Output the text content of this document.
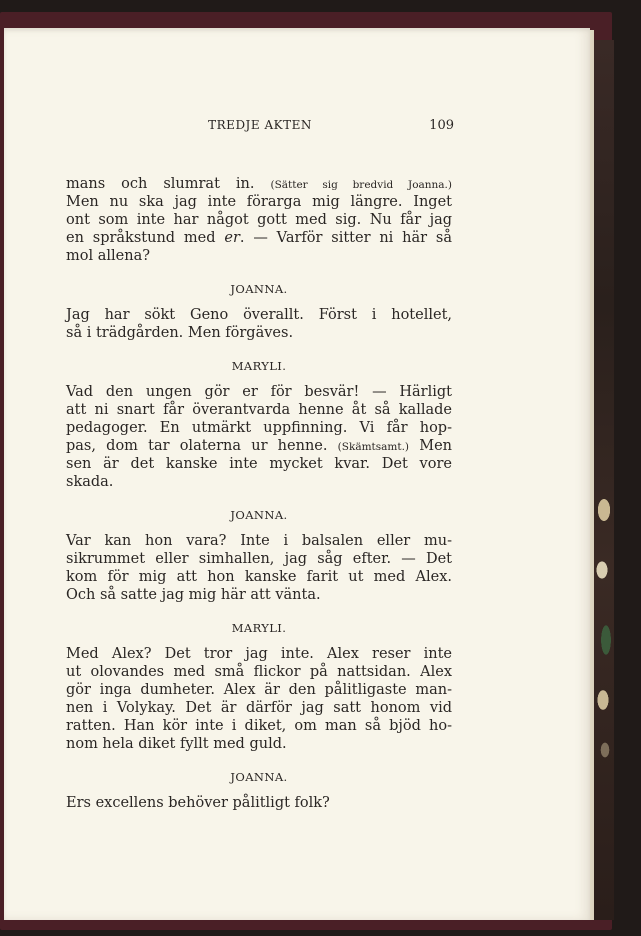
TREDJE AKTEN	109
mans och slumrat in. (Sätter sig bredvid Joanna.)
Men nu ska jag inte förarga mig längre. Inget
ont som inte har något gott med sig. Nu får jag
en språkstund med er. — Varför sitter ni här så
mol allena?
JOANNA.
Jag har sökt Geno överallt. Först i hotellet,
så i trädgården. Men förgäves.
MARYLI.
Vad den ungen gör er för besvär! — Härligt
att ni snart får överantvarda henne åt så kallade
pedagoger. En utmärkt uppfinning. Vi får hop-
pas, dom tar olaterna ur henne. (Skämtsamt.) Men
sen är det kanske inte mycket kvar. Det vore
skada.
JOANNA.
Var kan hon vara? Inte i balsalen eller mu-
sikrummet eller simhallen, jag såg efter. — Det
kom för mig att hon kanske farit ut med Alex.
Och så satte jag mig här att vänta.
MARYLI.
Med Alex? Det tror jag inte. Alex reser inte
ut olovandes med små flickor på nattsidan. Alex
gör inga dumheter. Alex är den pålitligaste man-
nen i Volykay. Det är därför jag satt honom vid
ratten. Han kör inte i diket, om man så bjöd ho-
nom hela diket fyllt med guld.
JOANNA.
Ers excellens behöver pålitligt folk?
